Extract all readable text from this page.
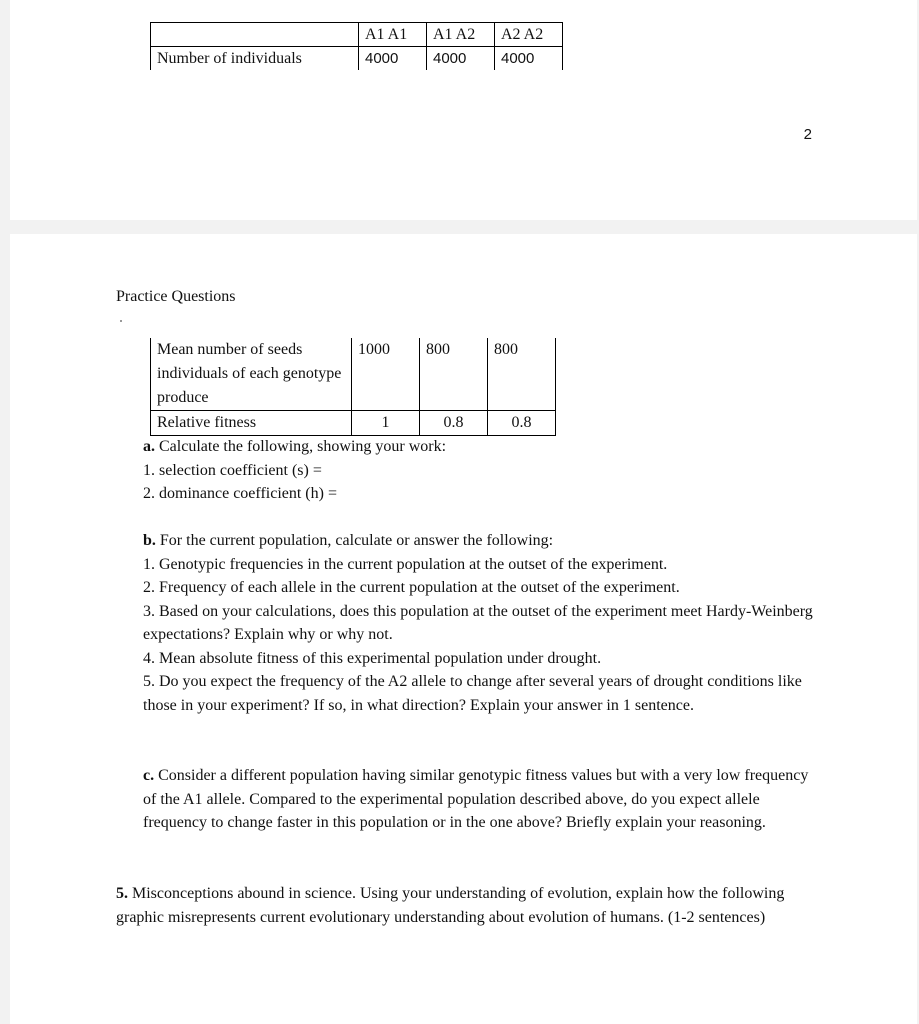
	A1 A1	A1 A2	A2 A2
Number of individuals	4000	4000	4000
2
Practice Questions
Mean number of seeds individuals of each genotype produce	1000	800	800
Relative fitness	1	0.8	0.8

a. Calculate the following, showing your work:

1. selection coefficient (s) =

2. dominance coefficient (h) =

b. For the current population, calculate or answer the following:

1. Genotypic frequencies in the current population at the outset of the experiment.

2. Frequency of each allele in the current population at the outset of the experiment.

3. Based on your calculations, does this population at the outset of the experiment meet Hardy-Weinberg expectations? Explain why or why not.

4. Mean absolute fitness of this experimental population under drought.

5. Do you expect the frequency of the A2 allele to change after several years of drought conditions like those in your experiment? If so, in what direction? Explain your answer in 1 sentence.

c. Consider a different population having similar genotypic fitness values but with a very low frequency of the A1 allele. Compared to the experimental population described above, do you expect allele frequency to change faster in this population or in the one above? Briefly explain your reasoning.

5. Misconceptions abound in science. Using your understanding of evolution, explain how the following graphic misrepresents current evolutionary understanding about evolution of humans. (1-2 sentences)
